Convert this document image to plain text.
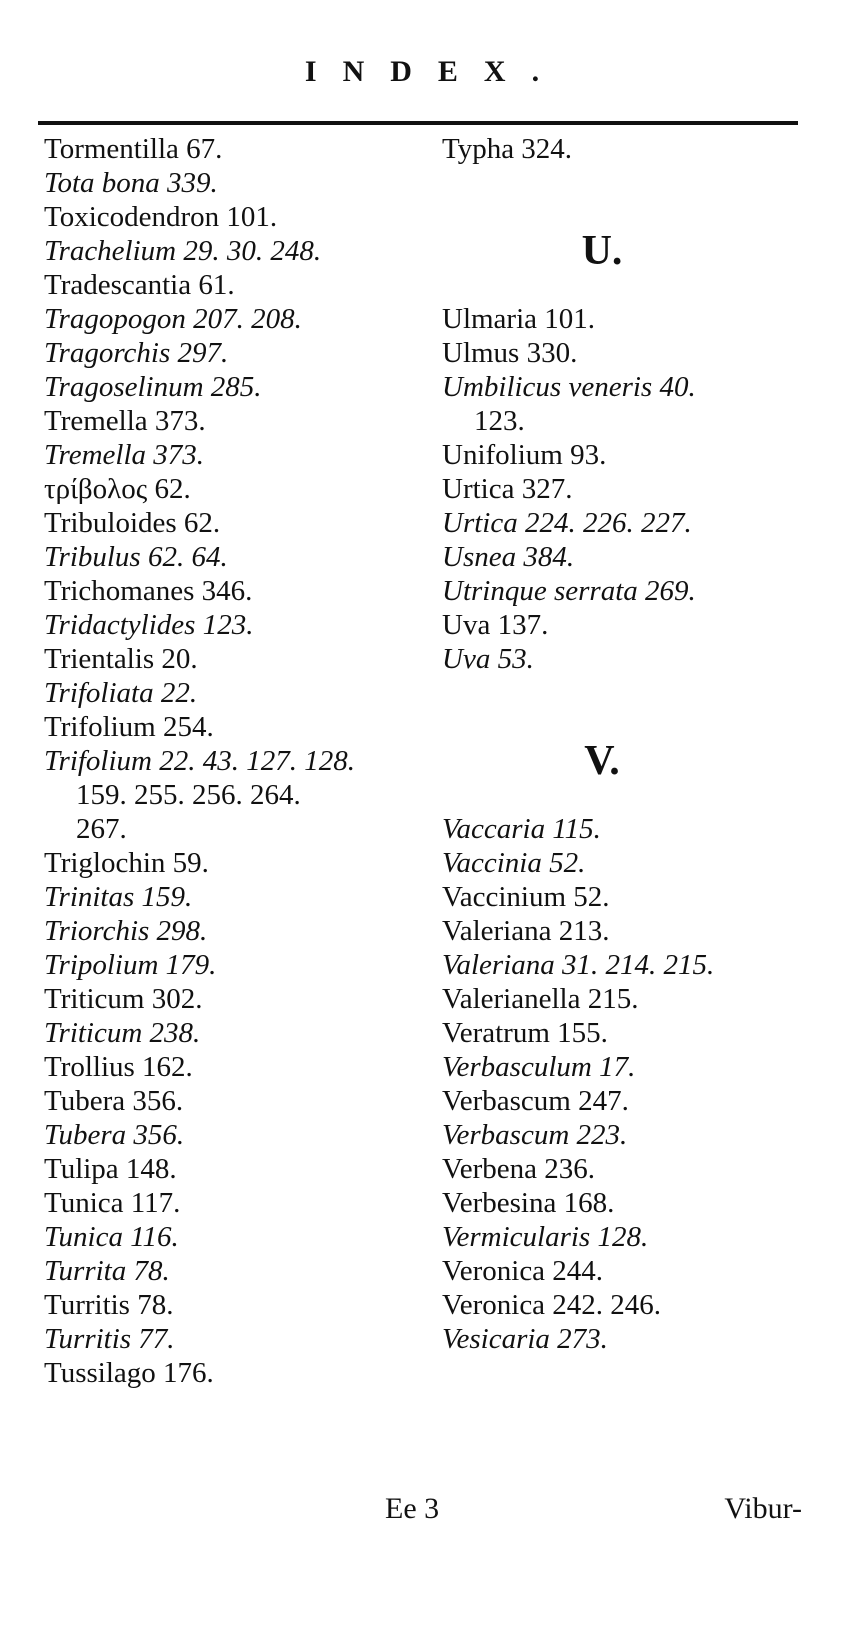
INDEX.
Tormentilla 67.
Tota bona 339.
Toxicodendron 101.
Trachelium 29. 30. 248.
Tradescantia 61.
Tragopogon 207. 208.
Tragorchis 297.
Tragoselinum 285.
Tremella 373.
Tremella 373.
τρίβολος 62.
Tribuloides 62.
Tribulus 62. 64.
Trichomanes 346.
Tridactylides 123.
Trientalis 20.
Trifoliata 22.
Trifolium 254.
Trifolium 22. 43. 127. 128.
159. 255. 256. 264.
267.
Triglochin 59.
Trinitas 159.
Triorchis 298.
Tripolium 179.
Triticum 302.
Triticum 238.
Trollius 162.
Tubera 356.
Tubera 356.
Tulipa 148.
Tunica 117.
Tunica 116.
Turrita 78.
Turritis 78.
Turritis 77.
Tussilago 176.
Typha 324.
U.
Ulmaria 101.
Ulmus 330.
Umbilicus veneris 40.
123.
Unifolium 93.
Urtica 327.
Urtica 224. 226. 227.
Usnea 384.
Utrinque serrata 269.
Uva 137.
Uva 53.
V.
Vaccaria 115.
Vaccinia 52.
Vaccinium 52.
Valeriana 213.
Valeriana 31. 214. 215.
Valerianella 215.
Veratrum 155.
Verbasculum 17.
Verbascum 247.
Verbascum 223.
Verbena 236.
Verbesina 168.
Vermicularis 128.
Veronica 244.
Veronica 242. 246.
Vesicaria 273.
Ee 3	Vibur-
